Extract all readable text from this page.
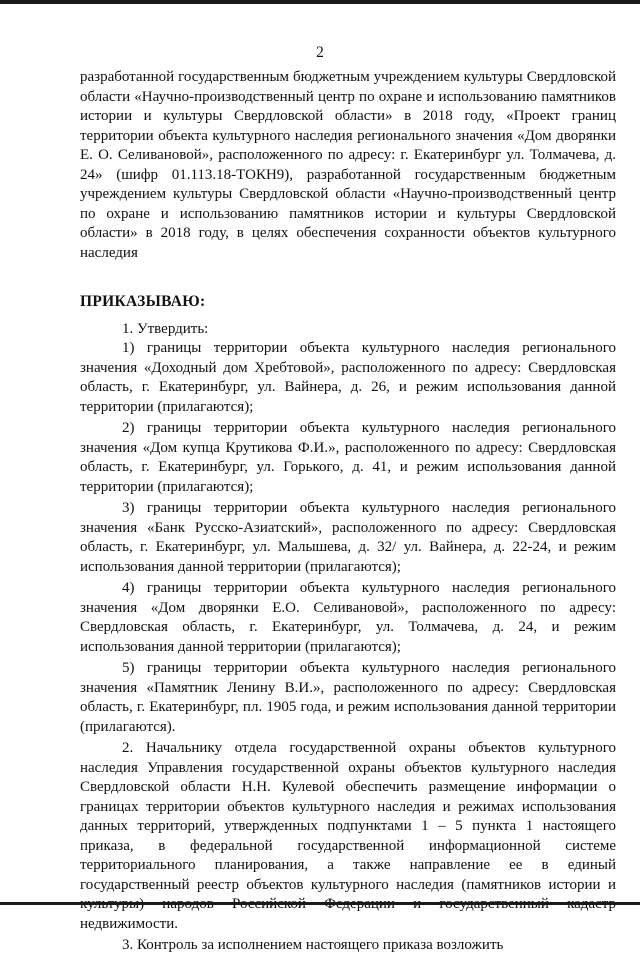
2

разработанной государственным бюджетным учреждением культуры Свердловской области «Научно-производственный центр по охране и использованию памятников истории и культуры Свердловской области» в 2018 году, «Проект границ территории объекта культурного наследия регионального значения «Дом дворянки Е. О. Селивановой», расположенного по адресу: г. Екатеринбург ул. Толмачева, д. 24» (шифр 01.113.18-ТОКН9), разработанной государственным бюджетным учреждением культуры Свердловской области «Научно-производственный центр по охране и использованию памятников истории и культуры Свердловской области» в 2018 году, в целях обеспечения сохранности объектов культурного наследия

ПРИКАЗЫВАЮ:

1. Утвердить:

1) границы территории объекта культурного наследия регионального значения «Доходный дом Хребтовой», расположенного по адресу: Свердловская область, г. Екатеринбург, ул. Вайнера, д. 26, и режим использования данной территории (прилагаются);

2) границы территории объекта культурного наследия регионального значения «Дом купца Крутикова Ф.И.», расположенного по адресу: Свердловская область, г. Екатеринбург, ул. Горького, д. 41, и режим использования данной территории (прилагаются);

3) границы территории объекта культурного наследия регионального значения «Банк Русско-Азиатский», расположенного по адресу: Свердловская область, г. Екатеринбург, ул. Малышева, д. 32/ ул. Вайнера, д. 22-24, и режим использования данной территории (прилагаются);

4) границы территории объекта культурного наследия регионального значения «Дом дворянки Е.О. Селивановой», расположенного по адресу: Свердловская область, г. Екатеринбург, ул. Толмачева, д. 24, и режим использования данной территории (прилагаются);

5) границы территории объекта культурного наследия регионального значения «Памятник Ленину В.И.», расположенного по адресу: Свердловская область, г. Екатеринбург, пл. 1905 года, и режим использования данной территории (прилагаются).

2. Начальнику отдела государственной охраны объектов культурного наследия Управления государственной охраны объектов культурного наследия Свердловской области Н.Н. Кулевой обеспечить размещение информации о границах территории объектов культурного наследия и режимах использования данных территорий, утвержденных подпунктами 1 – 5 пункта 1 настоящего приказа, в федеральной государственной информационной системе территориального планирования, а также направление ее в единый государственный реестр объектов культурного наследия (памятников истории и недвижимости.

3. Контроль за исполнением настоящего приказа возложить
